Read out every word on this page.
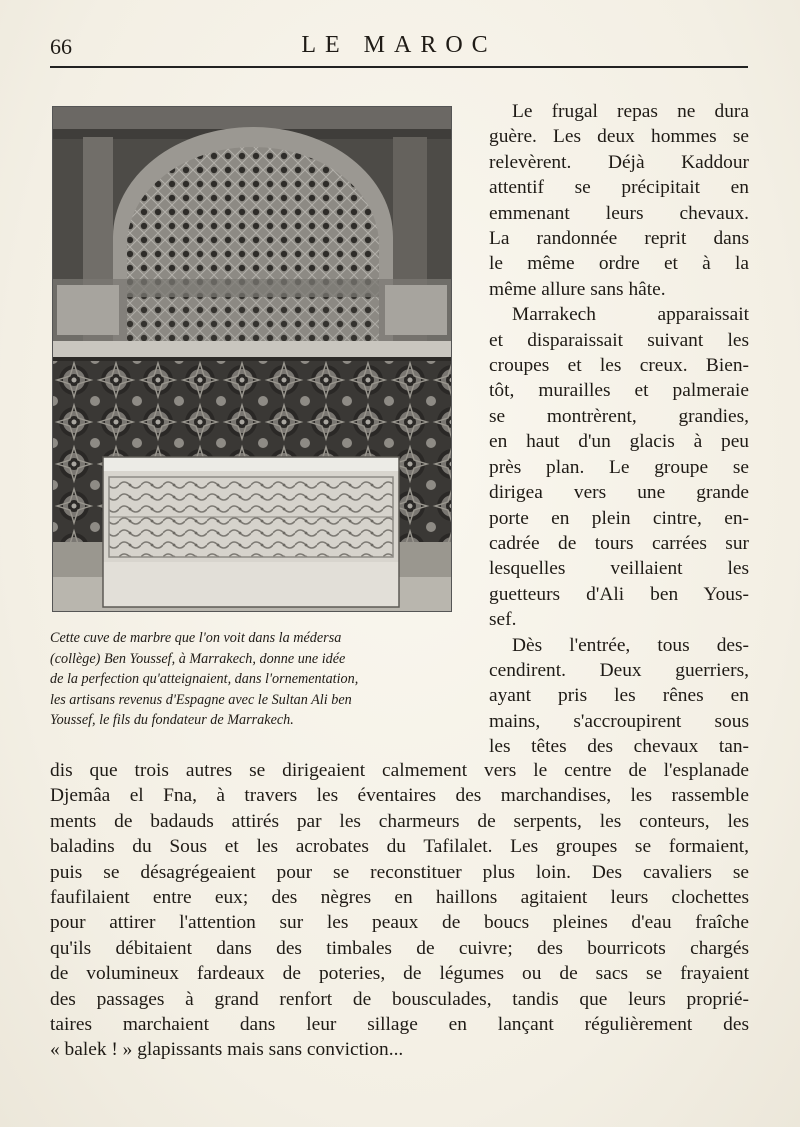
66	LE MAROC
Cette cuve de marbre que l'on voit dans la médersa
(collège) Ben Youssef, à Marrakech, donne une idée
de la perfection qu'atteignaient, dans l'ornementation,
les artisans revenus d'Espagne avec le Sultan Ali ben
Youssef, le fils du fondateur de Marrakech.
Le frugal repas ne dura
guère. Les deux hommes se
relevèrent. Déjà Kaddour
attentif se précipitait en
emmenant leurs chevaux.
La randonnée reprit dans
le même ordre et à la
même allure sans hâte.
Marrakech apparaissait
et disparaissait suivant les
croupes et les creux. Bien-
tôt, murailles et palmeraie
se montrèrent, grandies,
en haut d'un glacis à peu
près plan. Le groupe se
dirigea vers une grande
porte en plein cintre, en-
cadrée de tours carrées sur
lesquelles veillaient les
guetteurs d'Ali ben Yous-
sef.
Dès l'entrée, tous des-
cendirent. Deux guerriers,
ayant pris les rênes en
mains, s'accroupirent sous
les têtes des chevaux tan-
dis que trois autres se dirigeaient calmement vers le centre de l'esplanade
Djemâa el Fna, à travers les éventaires des marchandises, les rassemble
ments de badauds attirés par les charmeurs de serpents, les conteurs, les
baladins du Sous et les acrobates du Tafilalet. Les groupes se formaient,
puis se désagrégeaient pour se reconstituer plus loin. Des cavaliers se
faufilaient entre eux; des nègres en haillons agitaient leurs clochettes
pour attirer l'attention sur les peaux de boucs pleines d'eau fraîche
qu'ils débitaient dans des timbales de cuivre; des bourricots chargés
de volumineux fardeaux de poteries, de légumes ou de sacs se frayaient
des passages à grand renfort de bousculades, tandis que leurs proprié-
taires marchaient dans leur sillage en lançant régulièrement des
« balek ! » glapissants mais sans conviction...
